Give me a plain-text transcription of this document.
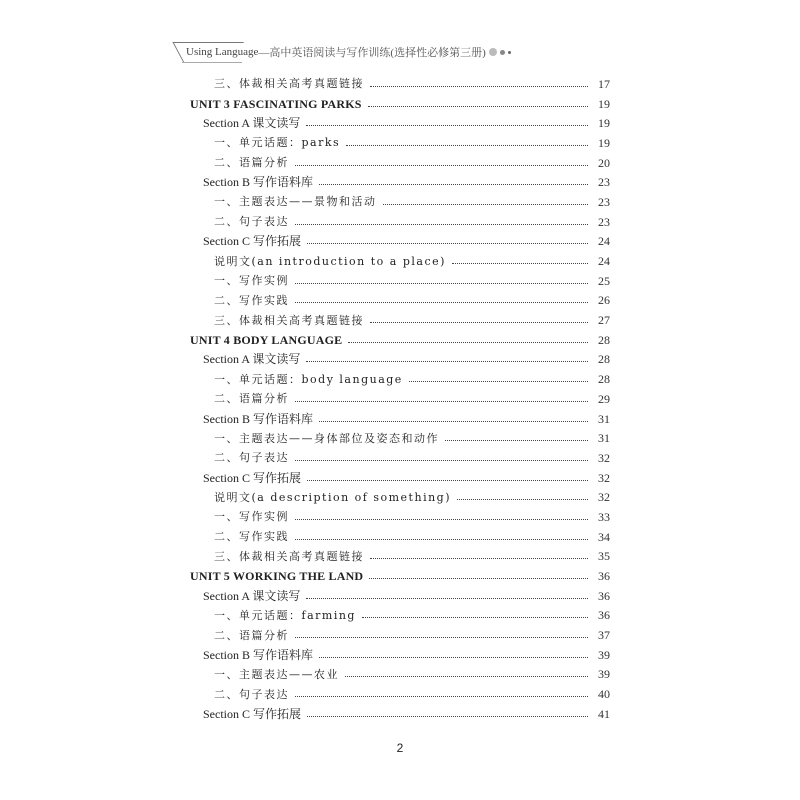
Using Language —高中英语阅读与写作训练(选择性必修第三册)
三、体裁相关高考真题链接	17
UNIT 3 FASCINATING PARKS	19
Section A 课文读写	19
一、单元话题：parks	19
二、语篇分析	20
Section B 写作语料库	23
一、主题表达——景物和活动	23
二、句子表达	23
Section C 写作拓展	24
说明文(an introduction to a place)	24
一、写作实例	25
二、写作实践	26
三、体裁相关高考真题链接	27
UNIT 4 BODY LANGUAGE	28
Section A 课文读写	28
一、单元话题：body language	28
二、语篇分析	29
Section B 写作语料库	31
一、主题表达——身体部位及姿态和动作	31
二、句子表达	32
Section C 写作拓展	32
说明文(a description of something)	32
一、写作实例	33
二、写作实践	34
三、体裁相关高考真题链接	35
UNIT 5 WORKING THE LAND	36
Section A 课文读写	36
一、单元话题：farming	36
二、语篇分析	37
Section B 写作语料库	39
一、主题表达——农业	39
二、句子表达	40
Section C 写作拓展	41
2
